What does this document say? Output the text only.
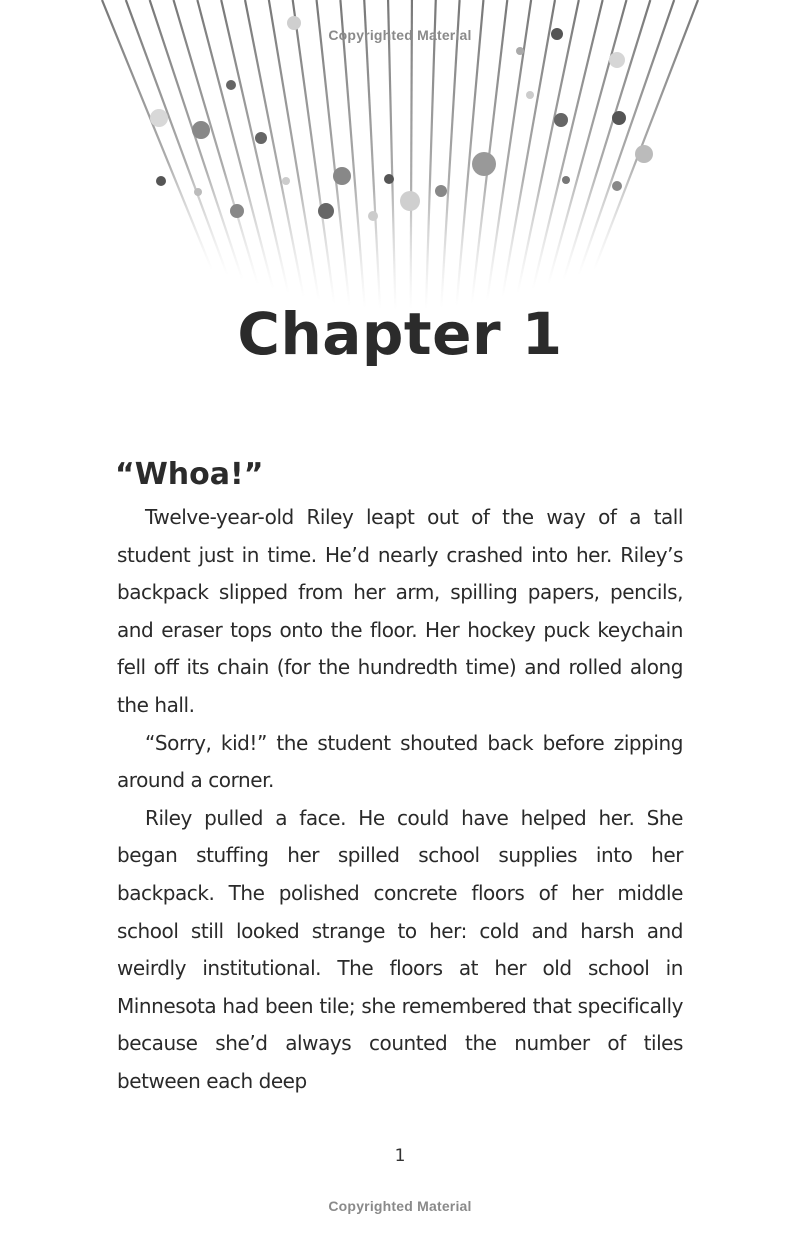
Copyrighted Material
Chapter 1
“Whoa!”

Twelve-year-old Riley leapt out of the way of a tall student just in time. He’d nearly crashed into her. Riley’s backpack slipped from her arm, spilling papers, pencils, and eraser tops onto the floor. Her hockey puck keychain fell off its chain (for the hundredth time) and rolled along the hall.

“Sorry, kid!” the student shouted back before zipping around a corner.

Riley pulled a face. He could have helped her. She began stuffing her spilled school supplies into her backpack. The polished concrete floors of her middle school still looked strange to her: cold and harsh and weirdly institutional. The floors at her old school in Minnesota had been tile; she remembered that specifically because she’d always counted the number of tiles between each deep

1
Copyrighted Material
